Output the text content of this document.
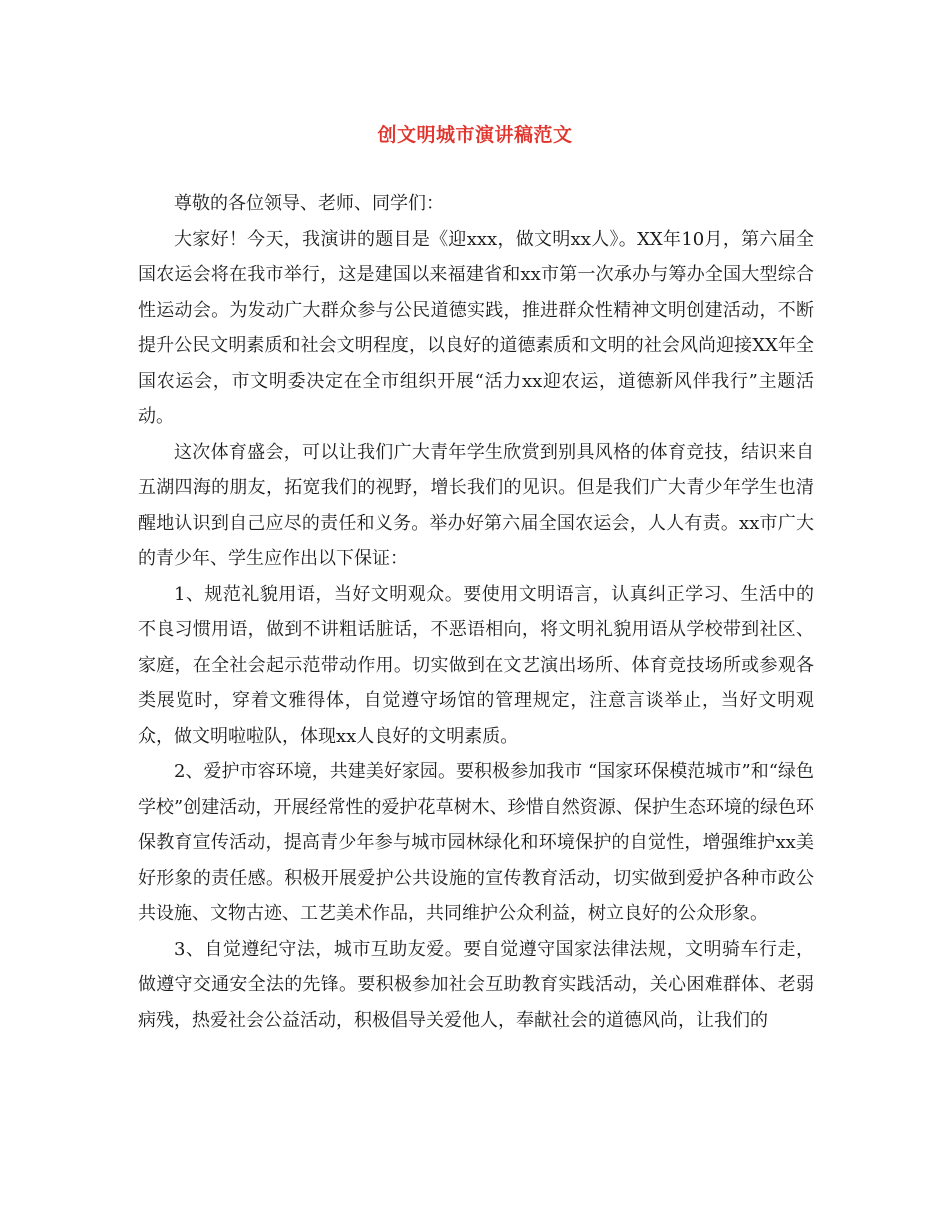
创文明城市演讲稿范文

尊敬的各位领导、老师、同学们：

大家好！今天，我演讲的题目是《迎xxx，做文明xx人》。XX年10月，第六届全国农运会将在我市举行，这是建国以来福建省和xx市第一次承办与筹办全国大型综合性运动会。为发动广大群众参与公民道德实践，推进群众性精神文明创建活动，不断提升公民文明素质和社会文明程度，以良好的道德素质和文明的社会风尚迎接XX年全国农运会，市文明委决定在全市组织开展“活力xx迎农运，道德新风伴我行”主题活动。

这次体育盛会，可以让我们广大青年学生欣赏到别具风格的体育竞技，结识来自五湖四海的朋友，拓宽我们的视野，增长我们的见识。但是我们广大青少年学生也清醒地认识到自己应尽的责任和义务。举办好第六届全国农运会，人人有责。xx市广大的青少年、学生应作出以下保证：

1、规范礼貌用语，当好文明观众。要使用文明语言，认真纠正学习、生活中的不良习惯用语，做到不讲粗话脏话，不恶语相向，将文明礼貌用语从学校带到社区、家庭，在全社会起示范带动作用。切实做到在文艺演出场所、体育竞技场所或参观各类展览时，穿着文雅得体，自觉遵守场馆的管理规定，注意言谈举止，当好文明观众，做文明啦啦队，体现xx人良好的文明素质。

2、爱护市容环境，共建美好家园。要积极参加我市 “国家环保模范城市”和“绿色学校”创建活动，开展经常性的爱护花草树木、珍惜自然资源、保护生态环境的绿色环保教育宣传活动，提高青少年参与城市园林绿化和环境保护的自觉性，增强维护xx美好形象的责任感。积极开展爱护公共设施的宣传教育活动，切实做到爱护各种市政公共设施、文物古迹、工艺美术作品，共同维护公众利益，树立良好的公众形象。

3、自觉遵纪守法，城市互助友爱。要自觉遵守国家法律法规，文明骑车行走，做遵守交通安全法的先锋。要积极参加社会互助教育实践活动，关心困难群体、老弱病残，热爱社会公益活动，积极倡导关爱他人，奉献社会的道德风尚，让我们的
